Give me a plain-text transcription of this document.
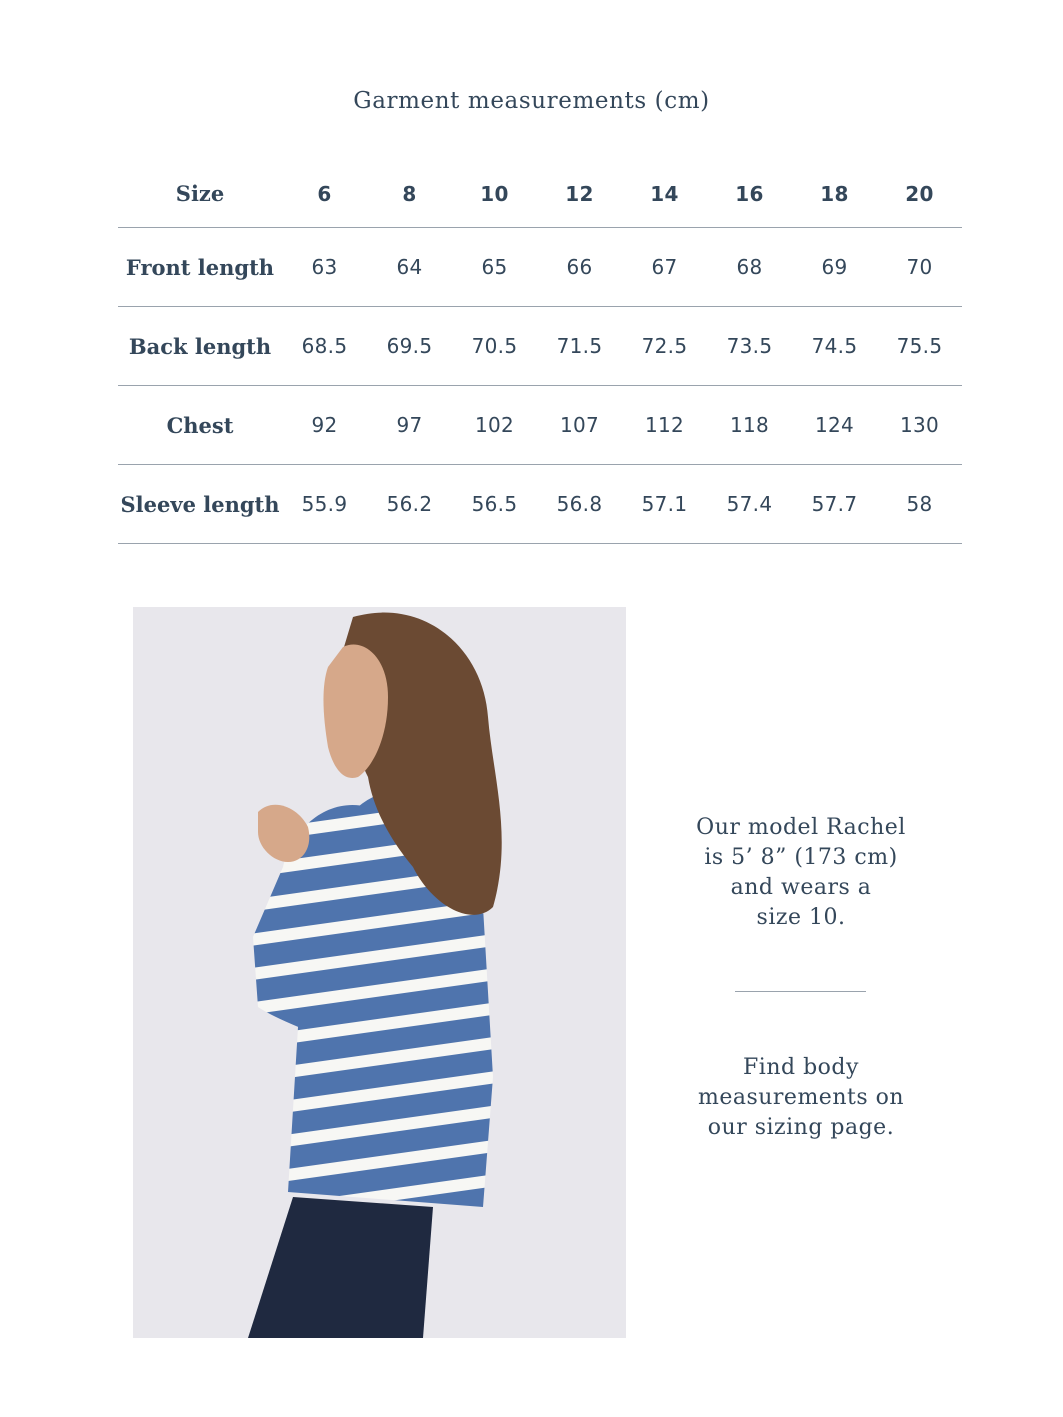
Garment measurements (cm)
Size	6	8	10	12	14	16	18	20
Front length	63	64	65	66	67	68	69	70
Back length	68.5	69.5	70.5	71.5	72.5	73.5	74.5	75.5
Chest	92	97	102	107	112	118	124	130
Sleeve length	55.9	56.2	56.5	56.8	57.1	57.4	57.7	58
Our model Rachel
is 5’ 8” (173 cm)
and wears a
size 10.
Find body
measurements on
our sizing page.
